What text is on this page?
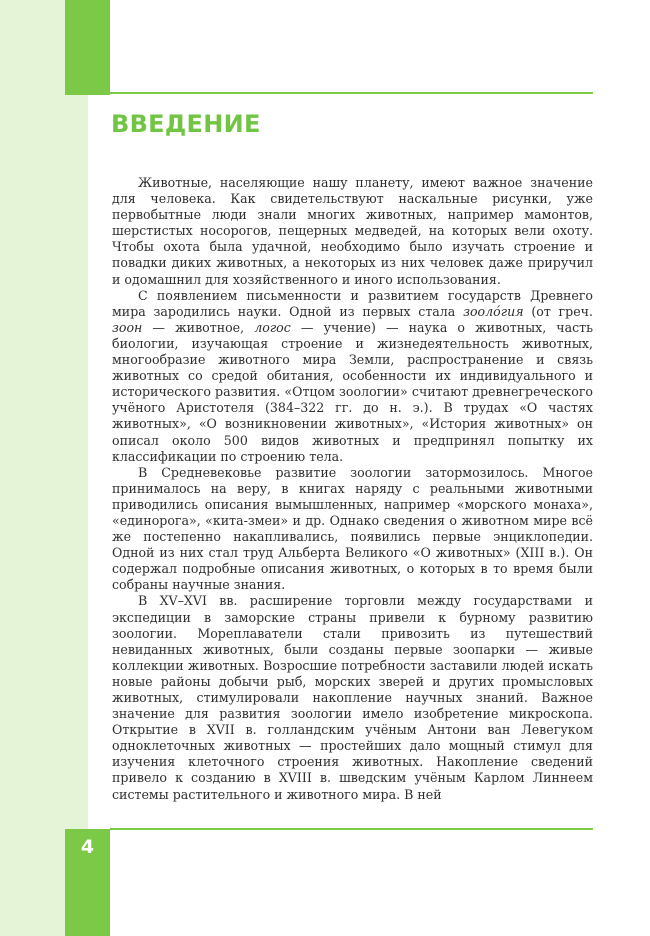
ВВЕДЕНИЕ

Животные, населяющие нашу планету, имеют важное значение для человека. Как свидетельствуют наскальные рисунки, уже первобытные люди знали многих животных, например мамонтов, шерстистых носорогов, пещерных медведей, на которых вели охоту. Чтобы охота была удачной, необходимо было изучать строение и повадки диких животных, а некоторых из них человек даже приручил и одомашнил для хозяйственного и иного использования.

С появлением письменности и развитием государств Древнего мира зародились науки. Одной из первых стала зоолóгия (от греч. зоон — животное, логос — учение) — наука о животных, часть биологии, изучающая строение и жизнедеятельность животных, многообразие животного мира Земли, распространение и связь животных со средой обитания, особенности их индивидуального и исторического развития. «Отцом зоологии» считают древнегреческого учёного Аристотеля (384–322 гг. до н. э.). В трудах «О частях животных», «О возникновении животных», «История животных» он описал около 500 видов животных и предпринял попытку их классификации по строению тела.

В Средневековье развитие зоологии затормозилось. Многое принималось на веру, в книгах наряду с реальными животными приводились описания вымышленных, например «морского монаха», «единорога», «кита-змеи» и др. Однако сведения о животном мире всё же постепенно накапливались, появились первые энциклопедии. Одной из них стал труд Альберта Великого «О животных» (XIII в.). Он содержал подробные описания животных, о которых в то время были собраны научные знания.

В XV–XVI вв. расширение торговли между государствами и экспедиции в заморские страны привели к бурному развитию зоологии. Мореплаватели стали привозить из путешествий невиданных животных, были созданы первые зоопарки — живые коллекции животных. Возросшие потребности заставили людей искать новые районы добычи рыб, морских зверей и других промысловых животных, стимулировали накопление научных знаний. Важное значение для развития зоологии имело изобретение микроскопа. Открытие в XVII в. голландским учёным Антони ван Левегуком одноклеточных животных — простейших дало мощный стимул для изучения клеточного строения животных. Накопление сведений привело к созданию в XVIII в. шведским учёным Карлом Линнеем системы растительного и животного мира. В ней

4
